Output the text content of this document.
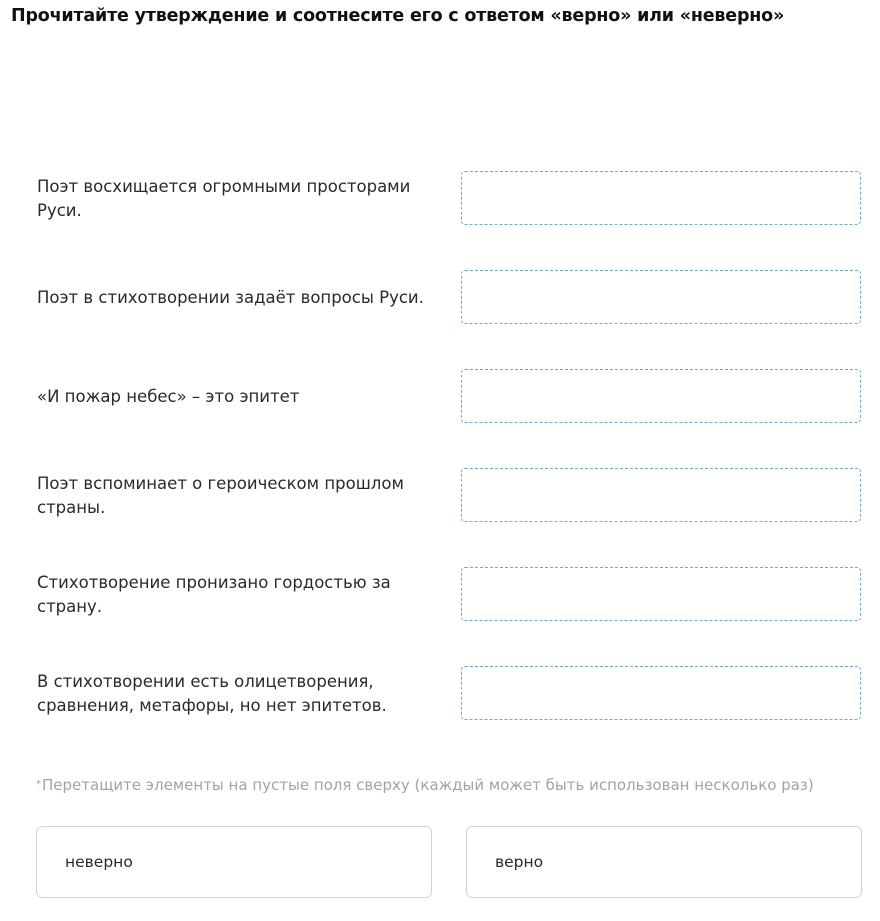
Прочитайте утверждение и соотнесите его с ответом «верно» или «неверно»
Поэт восхищается огромными просторами Руси.
Поэт в стихотворении задаёт вопросы Руси.
«И пожар небес» – это эпитет
Поэт вспоминает о героическом прошлом страны.
Стихотворение пронизано гордостью за страну.
В стихотворении есть олицетворения, сравнения, метафоры, но нет эпитетов.
*Перетащите элементы на пустые поля сверху (каждый может быть использован несколько раз)
неверно	верно
